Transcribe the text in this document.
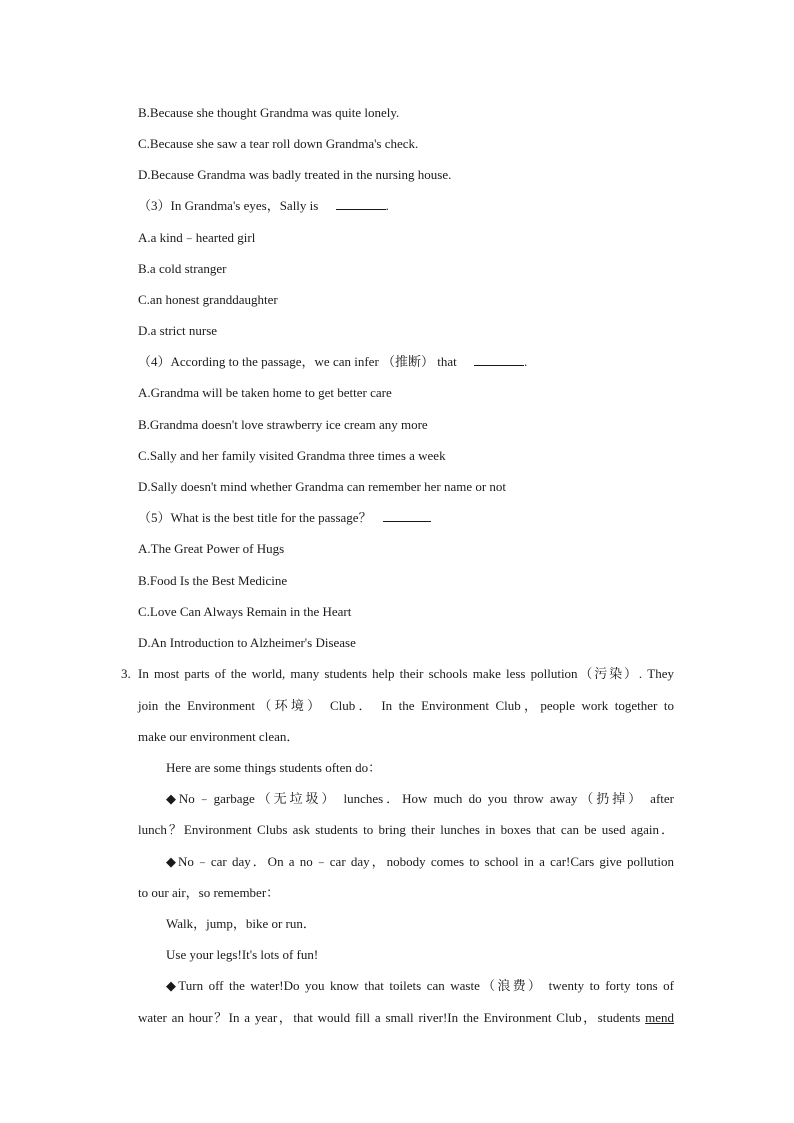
B.Because she thought Grandma was quite lonely.
C.Because she saw a tear roll down Grandma's check.
D.Because Grandma was badly treated in the nursing house.
（3）In Grandma's eyes，Sally is	.
A.a kind﹣hearted girl
B.a cold stranger
C.an honest granddaughter
D.a strict nurse
（4）According to the passage，we can infer （推断） that	.
A.Grandma will be taken home to get better care
B.Grandma doesn't love strawberry ice cream any more
C.Sally and her family visited Grandma three times a week
D.Sally doesn't mind whether Grandma can remember her name or not
（5）What is the best title for the passage？
A.The Great Power of Hugs
B.Food Is the Best Medicine
C.Love Can Always Remain in the Heart
D.An Introduction to Alzheimer's Disease
3. In most parts of the world, many students help their schools make less pollution（污染）. They
join the Environment（环境） Club． In the Environment Club，people work together to
make our environment clean．
Here are some things students often do：
◆No﹣garbage（无垃圾） lunches．How much do you throw away（扔掉） after
lunch？Environment Clubs ask students to bring their lunches in boxes that can be used again．
◆No﹣car day．On a no﹣car day，nobody comes to school in a car!Cars give pollution
to our air，so remember：
Walk，jump，bike or run．
Use your legs!It's lots of fun!
◆Turn off the water!Do you know that toilets can waste（浪费） twenty to forty tons of
water an hour？In a year，that would fill a small river!In the Environment Club，students mend
